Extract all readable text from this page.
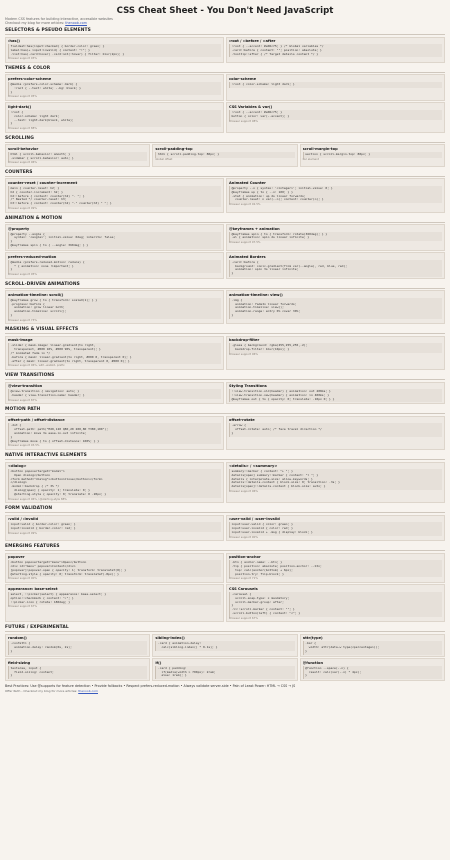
CSS Cheat Sheet - You Don't Need JavaScript
Modern CSS features for building interactive, accessible websites
Checkout my blog for more articles: thenoob.com
SELECTORS & PSEUDO ELEMENTS
:has()
fieldset:has(input:checked) { border-color: green; }
label:has(+ input:invalid) { content: "!"; }
.list:has(.card:hover) .card:not(:hover) { filter: blur(2px); }
Browser support 93%
:root / ::before / ::after
:root { --accent: #e06c75; } /* Global variables */
.card::before { content: ""; position: absolute; }
.tooltip::after { /* Target details content */ }
THEMES & COLOR
prefers-color-scheme
@media (prefers-color-scheme: dark) {
:root { --text: white; --bg: black; }
}
Browser support 95%
color-scheme
:root { color-scheme: light dark; }
light-dark()
:root {
color-scheme: light dark;
--text: light-dark(black, white);
}
Browser support 88%
CSS Variables & var()
:root { --accent: #e06c75; }
button { color: var(--accent); }
Browser support 98%
SCROLLING
scroll-behavior
html { scroll-behavior: smooth; }
.sidebar { scroll-behavior: auto; }
Browser support 96%
scroll-padding-top
html { scroll-padding-top: 80px; }
Global offset
scroll-margin-top
section { scroll-margin-top: 80px; }
Per element
COUNTERS
counter-reset / counter-increment
main { counter-reset: h2; }
h2 { counter-increment: h2; }
h2::before { content: counter(h2) ". "; }
/* Nested */ counter-reset: h3;
h3::before { content: counter(h2) "." counter(h3) " "; }
Browser support 99%
Animated Counter
@property --n { syntax: '<integer>'; initial-value: 0; }
@keyframes up { to { --n: 100; } }
.stat { animation: up 2s linear forwards;
counter-reset: n var(--n); content: counter(n); }
Browser support 92.5%
ANIMATION & MOTION
@property
@property --angle {
syntax: '<angle>'; initial-value: 0deg; inherits: false;
}
@keyframes spin { to { --angle: 360deg; } }
@keyframes + animation
@keyframes spin { to { transform: rotate(360deg); } }
.el { animation: spin 2s linear infinite; }
Browser support 97.5%
prefers-reduced-motion
@media (prefers-reduced-motion: reduce) {
* { animation: none !important; }
}
Browser support 95%
Animated Borders
.card::before {
background: conic-gradient(from var(--angle), red, blue, red);
animation: spin 3s linear infinite;
}
SCROLL-DRIVEN ANIMATIONS
animation-timeline: scroll()
@keyframes grow { to { transform: scaleX(1); } }
.progress::before {
animation: grow linear both;
animation-timeline: scroll();
}
Browser support 73%
animation-timeline: view()
.img {
animation: fadeIn linear forwards;
animation-timeline: view();
animation-range: entry 0% cover 30%;
}
MASKING & VISUAL EFFECTS
mask-image
.slider { mask-image: linear-gradient(to right,
transparent, #000 10%, #000 90%, transparent); }
/* Animated fade in */
.before { mask: linear-gradient(to right, #000 0, transparent 0); }
.after { mask: linear-gradient(to right, transparent 0, #000 0); }
Browser support 96%, with -webkit- prefix
backdrop-filter
.glass { background: rgba(255,255,255,.2);
backdrop-filter: blur(10px); }
Browser support 96%
VIEW TRANSITIONS
@view-transition
@view-transition { navigation: auto; }
.header { view-transition-name: header; }
Browser support 87%
Styling Transitions
::view-transition-old(header) { animation: out 400ms; }
::view-transition-new(header) { animation: in 400ms; }
@keyframes out { to { opacity: 0; translate: -10px 0; } }
MOTION PATH
offset-path / offset-distance
.dot {
offset-path: path("M20,120 Q80,20 200,80 T380,100");
animation: move 3s ease-in-out infinite;
}
@keyframes move { to { offset-distance: 100%; } }
Browser support 93.5%
offset-rotate
.arrow {
offset-rotate: auto; /* face travel direction */
}
NATIVE INTERACTIVE ELEMENTS
<dialog>
<button popovertarget="modal">
Open dialog</button>
<form method="dialog"><button>Close</button></form>
</dialog>
.modal::backdrop { /* 3% */
dialog[open] { opacity: 1; translate: 0; }
@starting-style { opacity: 0; translate: 0 -20px; }
Browser support 96% / @starting-style 88%
<details> / <summary>
summary::marker { content: "▸ "; }
details[open] summary::marker { content: "▾ "; }
details { interpolate-size: allow-keywords; }
details::details-content { block-size: 0; transition: .3s; }
details[open]::details-content { block-size: auto; }
Browser support 96%
FORM VALIDATION
:valid / :invalid
input:valid { border-color: green; }
input:invalid { border-color: red; }
Browser support 99%
:user-valid / :user-invalid
input:user-valid { color: green; }
input:user-invalid { color: red; }
input:user-invalid + .msg { display: block; }
Browser support 90%
EMERGING FEATURES
popover
<button popovertarget="menu">Open</button>
<div id="menu" popover>Content</div>
[popover]:popover-open { opacity: 1; transform: translateY(0); }
@starting-style { opacity: 0; transform: translateY(-8px); }
Browser support 90%
position-anchor
.btn { anchor-name: --btn; }
.tip { position: absolute; position-anchor: --btn;
top: calc(anchor(bottom) + 6px);
position-try: flip-block; }
Browser support 71%
appearance: base-select
select, ::picker(select) { appearance: base-select; }
option::checkmark { content: "✓"; }
::picker-icon { rotate: 180deg; }
Browser support 67%
CSS Carousels
.carousel {
scroll-snap-type: x mandatory;
scroll-marker-group: after;
}
.li::scroll-marker { content: ""; }
.scroll-button(left) { content: "<"; }
Browser support 67%
FUTURE / EXPERIMENTAL
random()
.confetti {
animation-delay: random(0s, 2s);
}
sibling-index()
.card { animation-delay:
calc(sibling-index() * 0.1s); }
attr(type)
.bar {
width: attr(data-w type(<percentage>));
}
field-sizing
textarea, input {
field-sizing: content;
}
if()
.card { padding:
if(media(width > 700px): 2rem;
else: 1rem); }
@function
@function --space(--n) {
result: calc(var(--n) * 4px);
}
Best Practices: Use @supports for feature detection • Provide fallbacks • Respect prefers-reduced-motion • Always validate server-side • Pain of Least Power: HTML → CSS → JS
Offer Ruth - Checkout my blog for more articles: thenoob.com
